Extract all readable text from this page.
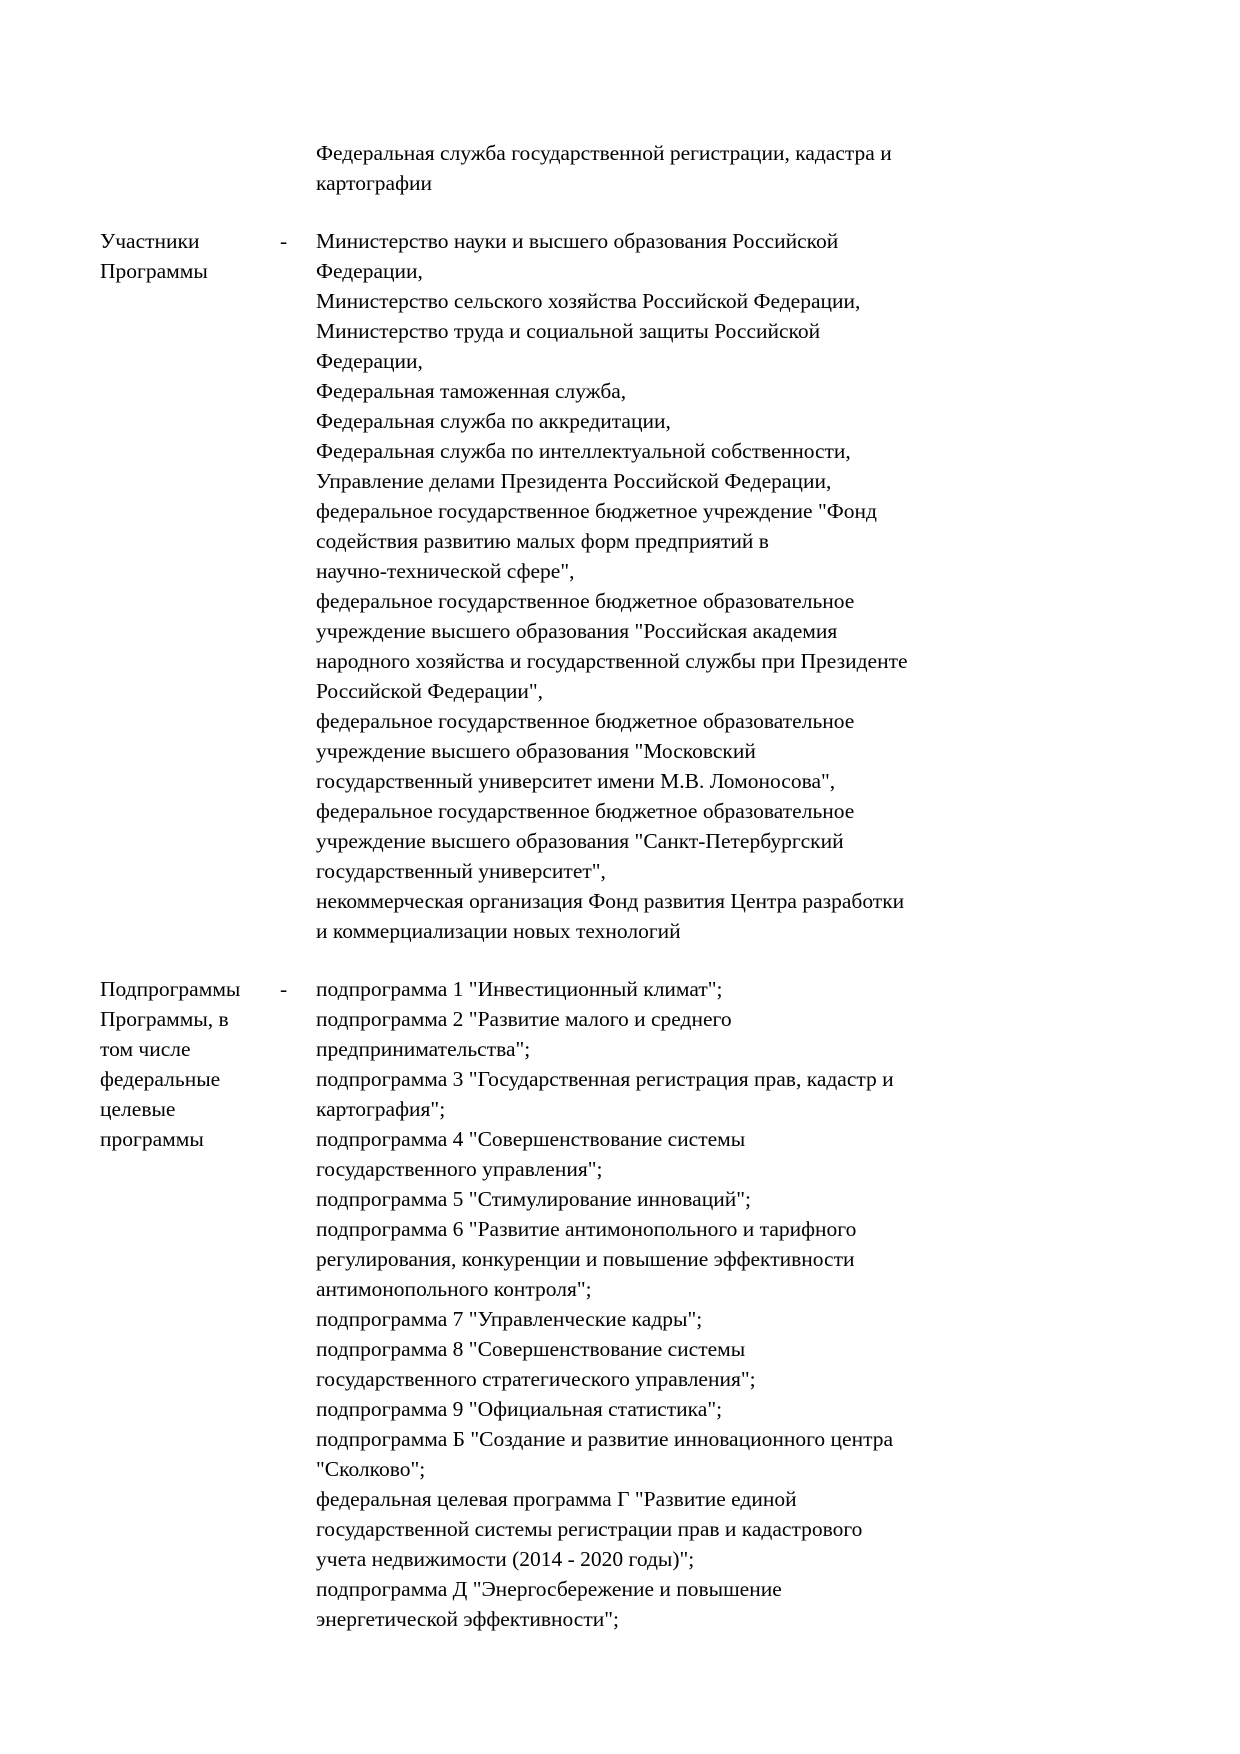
Федеральная служба государственной регистрации, кадастра и
картографии
Участники
Программы
-	Министерство науки и высшего образования Российской
Федерации,
Министерство сельского хозяйства Российской Федерации,
Министерство труда и социальной защиты Российской
Федерации,
Федеральная таможенная служба,
Федеральная служба по аккредитации,
Федеральная служба по интеллектуальной собственности,
Управление делами Президента Российской Федерации,
федеральное государственное бюджетное учреждение "Фонд
содействия развитию малых форм предприятий в
научно-технической сфере",
федеральное государственное бюджетное образовательное
учреждение высшего образования "Российская академия
народного хозяйства и государственной службы при Президенте
Российской Федерации",
федеральное государственное бюджетное образовательное
учреждение высшего образования "Московский
государственный университет имени М.В. Ломоносова",
федеральное государственное бюджетное образовательное
учреждение высшего образования "Санкт-Петербургский
государственный университет",
некоммерческая организация Фонд развития Центра разработки
и коммерциализации новых технологий
Подпрограммы
Программы, в
том числе
федеральные
целевые
программы
-	подпрограмма 1 "Инвестиционный климат";
подпрограмма 2 "Развитие малого и среднего
предпринимательства";
подпрограмма 3 "Государственная регистрация прав, кадастр и
картография";
подпрограмма 4 "Совершенствование системы
государственного управления";
подпрограмма 5 "Стимулирование инноваций";
подпрограмма 6 "Развитие антимонопольного и тарифного
регулирования, конкуренции и повышение эффективности
антимонопольного контроля";
подпрограмма 7 "Управленческие кадры";
подпрограмма 8 "Совершенствование системы
государственного стратегического управления";
подпрограмма 9 "Официальная статистика";
подпрограмма Б "Создание и развитие инновационного центра
"Сколково";
федеральная целевая программа Г "Развитие единой
государственной системы регистрации прав и кадастрового
учета недвижимости (2014 - 2020 годы)";
подпрограмма Д "Энергосбережение и повышение
энергетической эффективности";
